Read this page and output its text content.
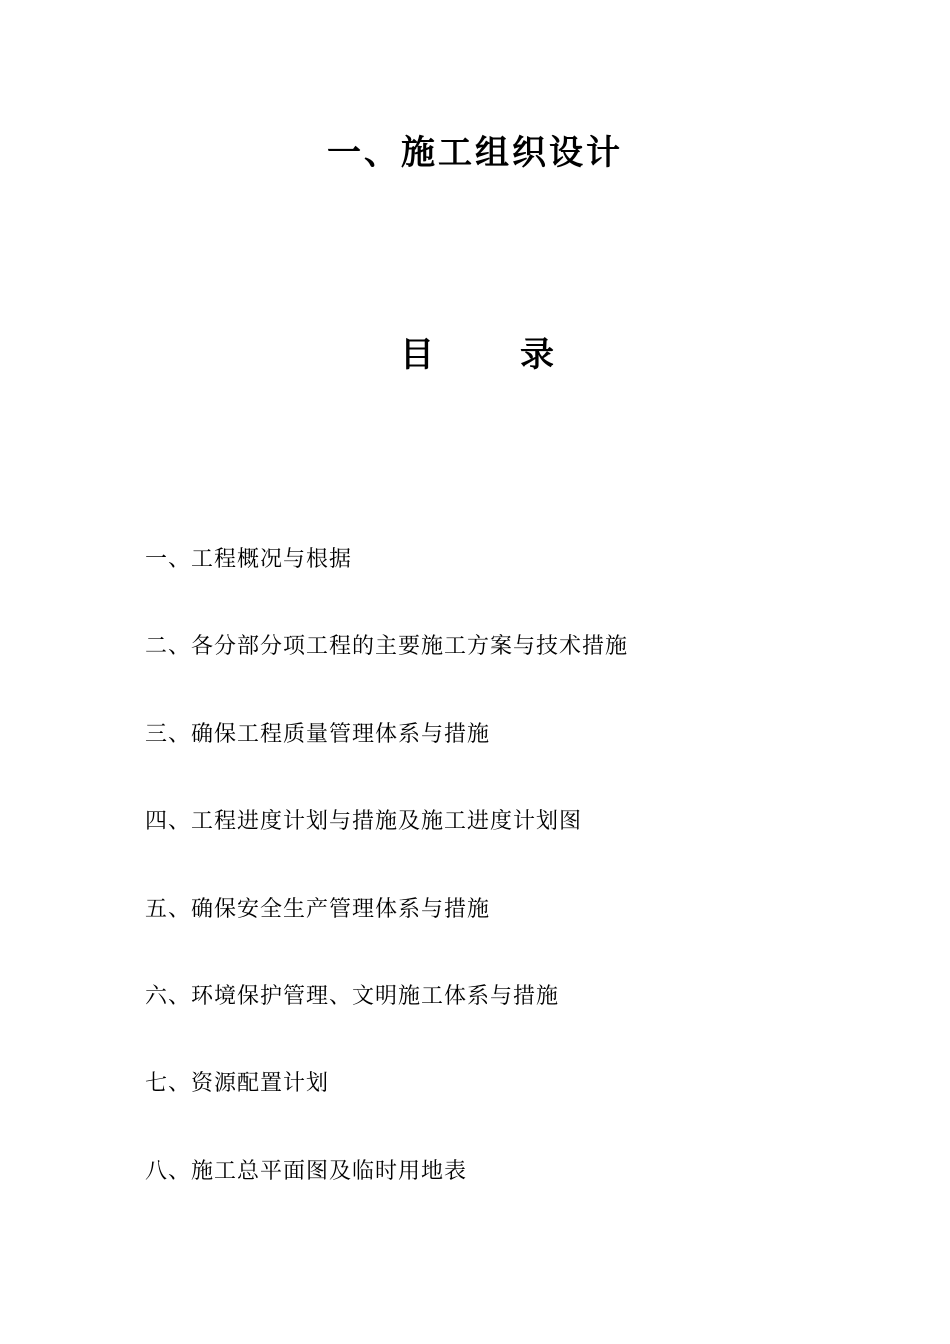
一、施工组织设计
目	录
一、工程概况与根据
二、各分部分项工程的主要施工方案与技术措施
三、确保工程质量管理体系与措施
四、工程进度计划与措施及施工进度计划图
五、确保安全生产管理体系与措施
六、环境保护管理、文明施工体系与措施
七、资源配置计划
八、施工总平面图及临时用地表
